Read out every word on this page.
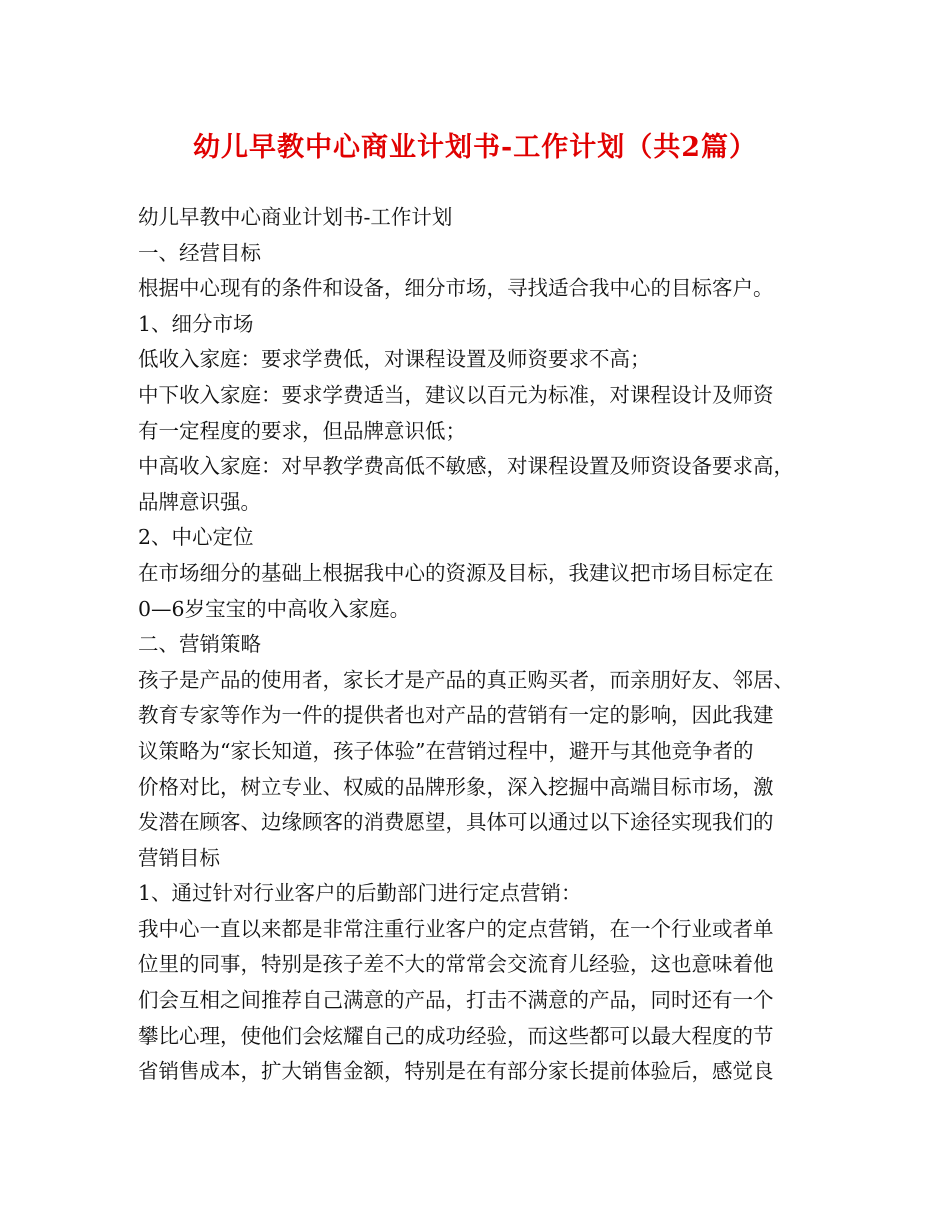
幼儿早教中心商业计划书-工作计划（共2篇）

幼儿早教中心商业计划书-工作计划

一、经营目标

根据中心现有的条件和设备，细分市场，寻找适合我中心的目标客户。

1、细分市场

低收入家庭：要求学费低，对课程设置及师资要求不高；

中下收入家庭：要求学费适当，建议以百元为标准，对课程设计及师资

有一定程度的要求，但品牌意识低；

中高收入家庭：对早教学费高低不敏感，对课程设置及师资设备要求高，

品牌意识强。

2、中心定位

在市场细分的基础上根据我中心的资源及目标，我建议把市场目标定在

0—6岁宝宝的中高收入家庭。

二、营销策略

孩子是产品的使用者，家长才是产品的真正购买者，而亲朋好友、邻居、

教育专家等作为一件的提供者也对产品的营销有一定的影响，因此我建

议策略为“家长知道，孩子体验”在营销过程中，避开与其他竞争者的

价格对比，树立专业、权威的品牌形象，深入挖掘中高端目标市场，激

发潜在顾客、边缘顾客的消费愿望，具体可以通过以下途径实现我们的

营销目标

1、通过针对行业客户的后勤部门进行定点营销：

我中心一直以来都是非常注重行业客户的定点营销，在一个行业或者单

位里的同事，特别是孩子差不大的常常会交流育儿经验，这也意味着他

们会互相之间推荐自己满意的产品，打击不满意的产品，同时还有一个

攀比心理，使他们会炫耀自己的成功经验，而这些都可以最大程度的节

省销售成本，扩大销售金额，特别是在有部分家长提前体验后，感觉良
